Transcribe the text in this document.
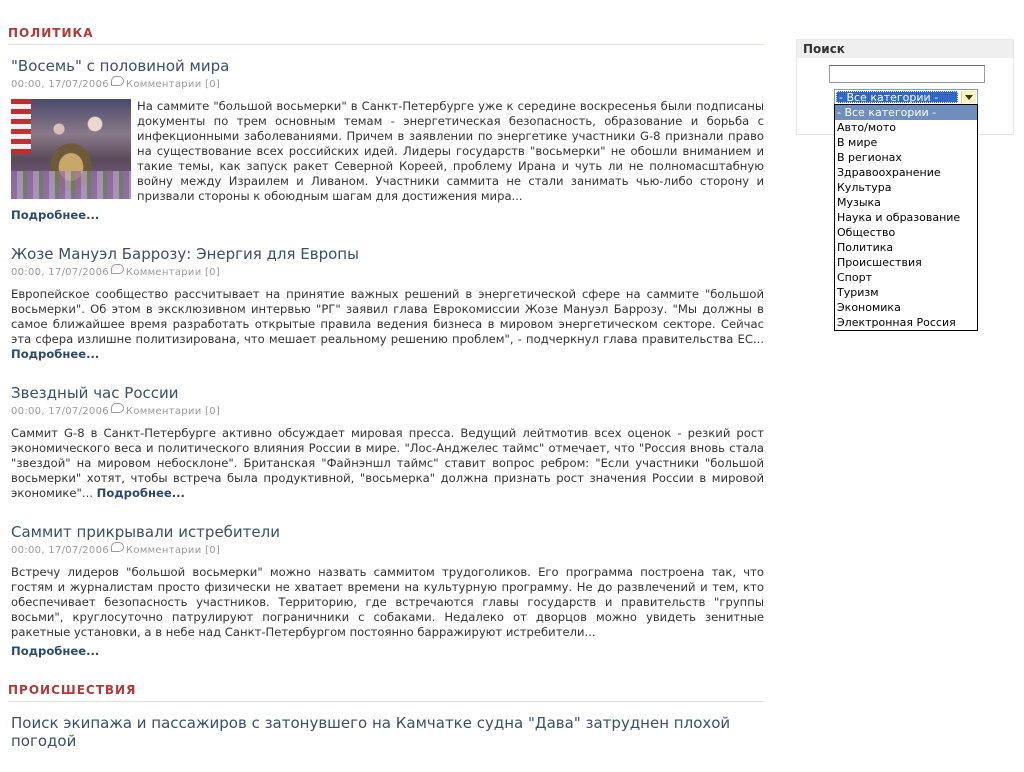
ПОЛИТИКА
"Восемь" с половиной мира
00:00, 17/07/2006 Комментарии [0]

На саммите "большой восьмерки" в Санкт-Петербурге уже к середине воскресенья были подписаны документы по трем основным темам - энергетическая безопасность, образование и борьба с инфекционными заболеваниями. Причем в заявлении по энергетике участники G-8 признали право на существование всех российских идей. Лидеры государств "восьмерки" не обошли вниманием и такие темы, как запуск ракет Северной Кореей, проблему Ирана и чуть ли не полномасштабную войну между Израилем и Ливаном. Участники саммита не стали занимать чью-либо сторону и призвали стороны к обоюдным шагам для достижения мира...

Подробнее...
Жозе Мануэл Баррозу: Энергия для Европы
00:00, 17/07/2006 Комментарии [0]

Европейское сообщество рассчитывает на принятие важных решений в энергетической сфере на саммите "большой восьмерки". Об этом в эксклюзивном интервью "РГ" заявил глава Еврокомиссии Жозе Мануэл Баррозу. "Мы должны в самое ближайшее время разработать открытые правила ведения бизнеса в мировом энергетическом секторе. Сейчас эта сфера излишне политизирована, что мешает реальному решению проблем", - подчеркнул глава правительства ЕС... Подробнее...

Звездный час России
00:00, 17/07/2006 Комментарии [0]

Саммит G-8 в Санкт-Петербурге активно обсуждает мировая пресса. Ведущий лейтмотив всех оценок - резкий рост экономического веса и политического влияния России в мире. "Лос-Анджелес таймс" отмечает, что "Россия вновь стала "звездой" на мировом небосклоне". Британская "Файнэншл таймс" ставит вопрос ребром: "Если участники "большой восьмерки" хотят, чтобы встреча была продуктивной, "восьмерка" должна признать рост значения России в мировой экономике"... Подробнее...

Саммит прикрывали истребители
00:00, 17/07/2006 Комментарии [0]

Встречу лидеров "большой восьмерки" можно назвать саммитом трудоголиков. Его программа построена так, что гостям и журналистам просто физически не хватает времени на культурную программу. Не до развлечений и тем, кто обеспечивает безопасность участников. Территорию, где встречаются главы государств и правительств "группы восьми", круглосуточно патрулируют пограничники с собаками. Недалеко от дворцов можно увидеть зенитные ракетные установки, а в небе над Санкт-Петербургом постоянно барражируют истребители...

Подробнее...
ПРОИСШЕСТВИЯ
Поиск экипажа и пассажиров с затонувшего на Камчатке судна "Дава" затруднен плохой погодой
Поиск
- Все категории -
- Все категории -
Авто/мото
В мире
В регионах
Здравоохранение
Культура
Музыка
Наука и образование
Общество
Политика
Происшествия
Спорт
Туризм
Экономика
Электронная Россия
